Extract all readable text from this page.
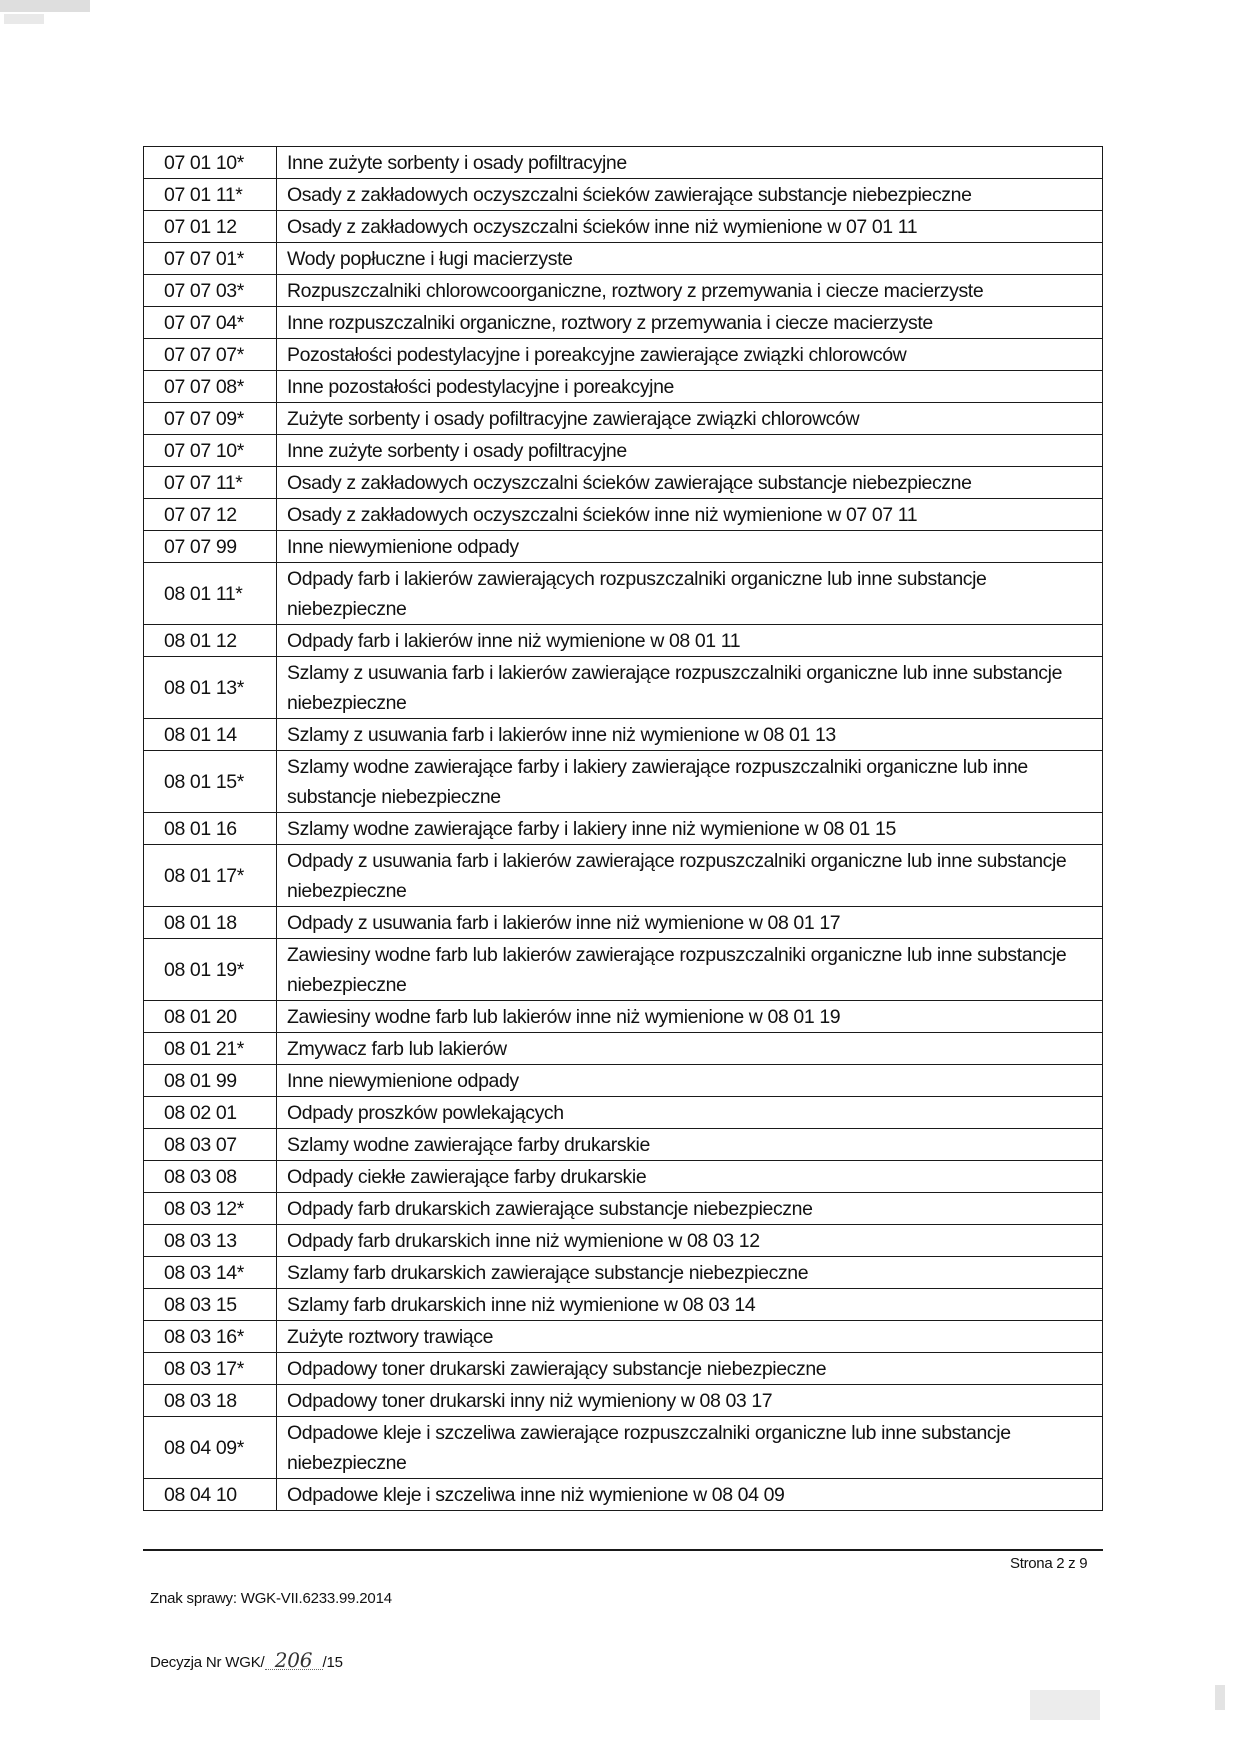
07 01 10*	Inne zużyte sorbenty i osady pofiltracyjne
07 01 11*	Osady z zakładowych oczyszczalni ścieków zawierające substancje niebezpieczne
07 01 12	Osady z zakładowych oczyszczalni ścieków inne niż wymienione w 07 01 11
07 07 01*	Wody popłuczne i ługi macierzyste
07 07 03*	Rozpuszczalniki chlorowcoorganiczne, roztwory z przemywania i ciecze macierzyste
07 07 04*	Inne rozpuszczalniki organiczne, roztwory z przemywania i ciecze macierzyste
07 07 07*	Pozostałości podestylacyjne i poreakcyjne zawierające związki chlorowców
07 07 08*	Inne pozostałości podestylacyjne i poreakcyjne
07 07 09*	Zużyte sorbenty i osady pofiltracyjne zawierające związki chlorowców
07 07 10*	Inne zużyte sorbenty i osady pofiltracyjne
07 07 11*	Osady z zakładowych oczyszczalni ścieków zawierające substancje niebezpieczne
07 07 12	Osady z zakładowych oczyszczalni ścieków inne niż wymienione w 07 07 11
07 07 99	Inne niewymienione odpady
08 01 11*	Odpady farb i lakierów zawierających rozpuszczalniki organiczne lub inne substancje niebezpieczne
08 01 12	Odpady farb i lakierów inne niż wymienione w 08 01 11
08 01 13*	Szlamy z usuwania farb i lakierów zawierające rozpuszczalniki organiczne lub inne substancje niebezpieczne
08 01 14	Szlamy z usuwania farb i lakierów inne niż wymienione w 08 01 13
08 01 15*	Szlamy wodne zawierające farby i lakiery zawierające rozpuszczalniki organiczne lub inne substancje niebezpieczne
08 01 16	Szlamy wodne zawierające farby i lakiery inne niż wymienione w 08 01 15
08 01 17*	Odpady z usuwania farb i lakierów zawierające rozpuszczalniki organiczne lub inne substancje niebezpieczne
08 01 18	Odpady z usuwania farb i lakierów inne niż wymienione w 08 01 17
08 01 19*	Zawiesiny wodne farb lub lakierów zawierające rozpuszczalniki organiczne lub inne substancje niebezpieczne
08 01 20	Zawiesiny wodne farb lub lakierów inne niż wymienione w 08 01 19
08 01 21*	Zmywacz farb lub lakierów
08 01 99	Inne niewymienione odpady
08 02 01	Odpady proszków powlekających
08 03 07	Szlamy wodne zawierające farby drukarskie
08 03 08	Odpady ciekłe zawierające farby drukarskie
08 03 12*	Odpady farb drukarskich zawierające substancje niebezpieczne
08 03 13	Odpady farb drukarskich inne niż wymienione w 08 03 12
08 03 14*	Szlamy farb drukarskich zawierające substancje niebezpieczne
08 03 15	Szlamy farb drukarskich inne niż wymienione w 08 03 14
08 03 16*	Zużyte roztwory trawiące
08 03 17*	Odpadowy toner drukarski zawierający substancje niebezpieczne
08 03 18	Odpadowy toner drukarski inny niż wymieniony w 08 03 17
08 04 09*	Odpadowe kleje i szczeliwa zawierające rozpuszczalniki organiczne lub inne substancje niebezpieczne
08 04 10	Odpadowe kleje i szczeliwa inne niż wymienione w 08 04 09
Strona 2 z 9
Znak sprawy: WGK-VII.6233.99.2014
Decyzja Nr WGK/ 206 /15
